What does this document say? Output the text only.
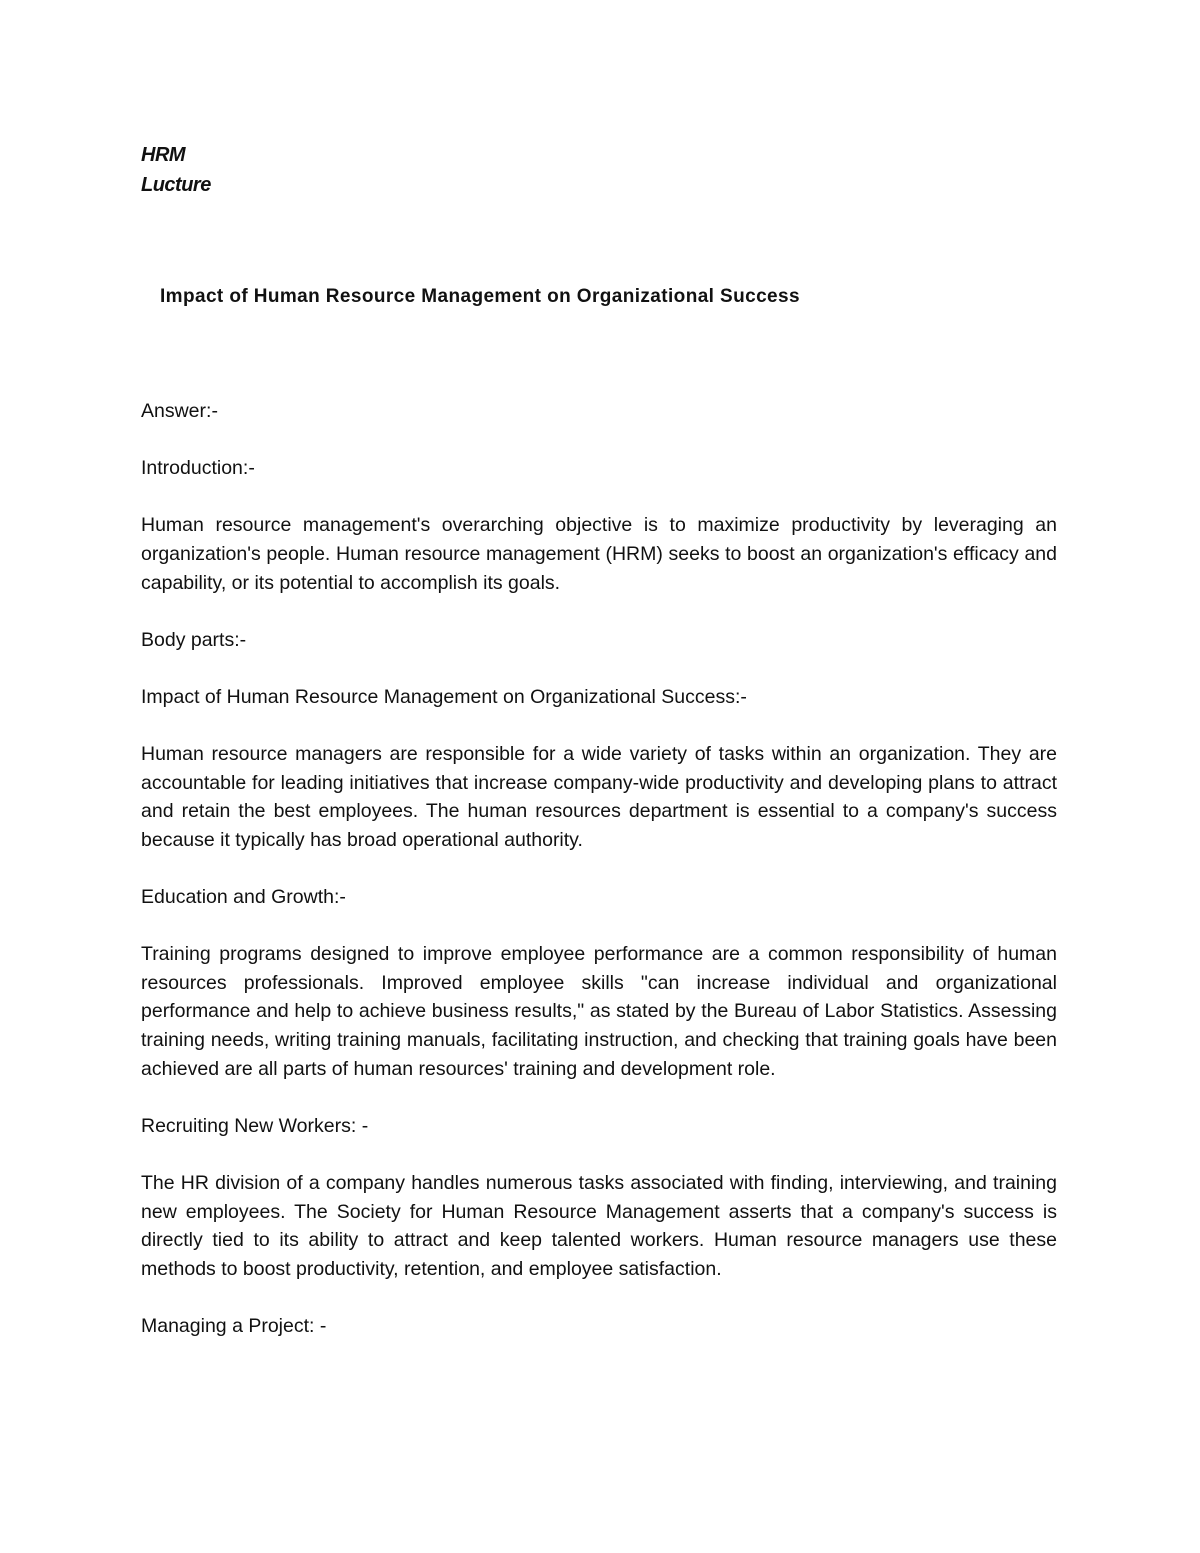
HRM
Lucture
Impact of Human Resource Management on Organizational Success

Answer:-

Introduction:-

Human resource management's overarching objective is to maximize productivity by leveraging an organization's people. Human resource management (HRM) seeks to boost an organization's efficacy and capability, or its potential to accomplish its goals.

Body parts:-

Impact of Human Resource Management on Organizational Success:-

Human resource managers are responsible for a wide variety of tasks within an organization. They are accountable for leading initiatives that increase company-wide productivity and developing plans to attract and retain the best employees. The human resources department is essential to a company's success because it typically has broad operational authority.

Education and Growth:-

Training programs designed to improve employee performance are a common responsibility of human resources professionals. Improved employee skills "can increase individual and organizational performance and help to achieve business results," as stated by the Bureau of Labor Statistics. Assessing training needs, writing training manuals, facilitating instruction, and checking that training goals have been achieved are all parts of human resources' training and development role.

Recruiting New Workers: -

The HR division of a company handles numerous tasks associated with finding, interviewing, and training new employees. The Society for Human Resource Management asserts that a company's success is directly tied to its ability to attract and keep talented workers. Human resource managers use these methods to boost productivity, retention, and employee satisfaction.

Managing a Project: -
